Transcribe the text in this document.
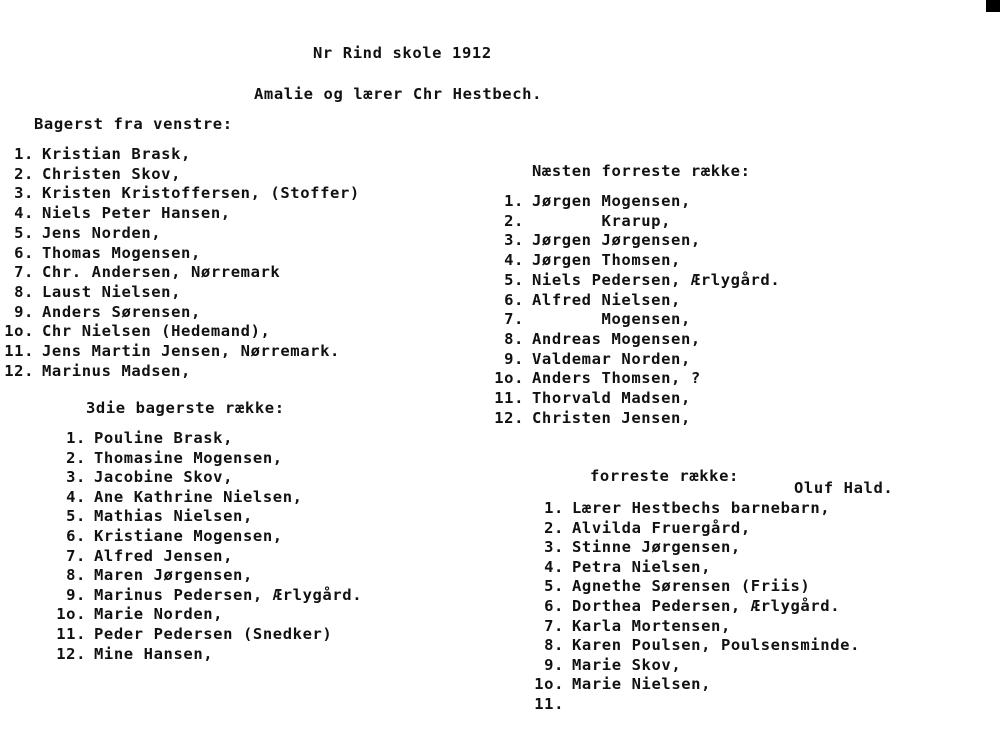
Nr Rind skole 1912
Amalie og lærer Chr Hestbech.
Bagerst fra venstre:
1. Kristian Brask,
2. Christen Skov,
3. Kristen Kristoffersen, (Stoffer)
4. Niels Peter Hansen,
5. Jens Norden,
6. Thomas Mogensen,
7. Chr. Andersen, Nørremark
8. Laust Nielsen,
9. Anders Sørensen,
1o. Chr Nielsen (Hedemand),
11. Jens Martin Jensen, Nørremark.
12. Marinus Madsen,
3die bagerste række:
1. Pouline Brask,
2. Thomasine Mogensen,
3. Jacobine Skov,
4. Ane Kathrine Nielsen,
5. Mathias Nielsen,
6. Kristiane Mogensen,
7. Alfred Jensen,
8. Maren Jørgensen,
9. Marinus Pedersen, Ærlygård.
1o. Marie Norden,
11. Peder Pedersen (Snedker)
12. Mine Hansen,
Næsten forreste række:
1. Jørgen Mogensen,
2.       Krarup,
3. Jørgen Jørgensen,
4. Jørgen Thomsen,
5. Niels Pedersen, Ærlygård.
6. Alfred Nielsen,
7.       Mogensen,
8. Andreas Mogensen,
9. Valdemar Norden,
1o. Anders Thomsen, ?
11. Thorvald Madsen,
12. Christen Jensen,
forreste række:
Oluf Hald.
1. Lærer Hestbechs barnebarn,
2. Alvilda Fruergård,
3. Stinne Jørgensen,
4. Petra Nielsen,
5. Agnethe Sørensen (Friis)
6. Dorthea Pedersen, Ærlygård.
7. Karla Mortensen,
8. Karen Poulsen, Poulsensminde.
9. Marie Skov,
1o. Marie Nielsen,
11.
